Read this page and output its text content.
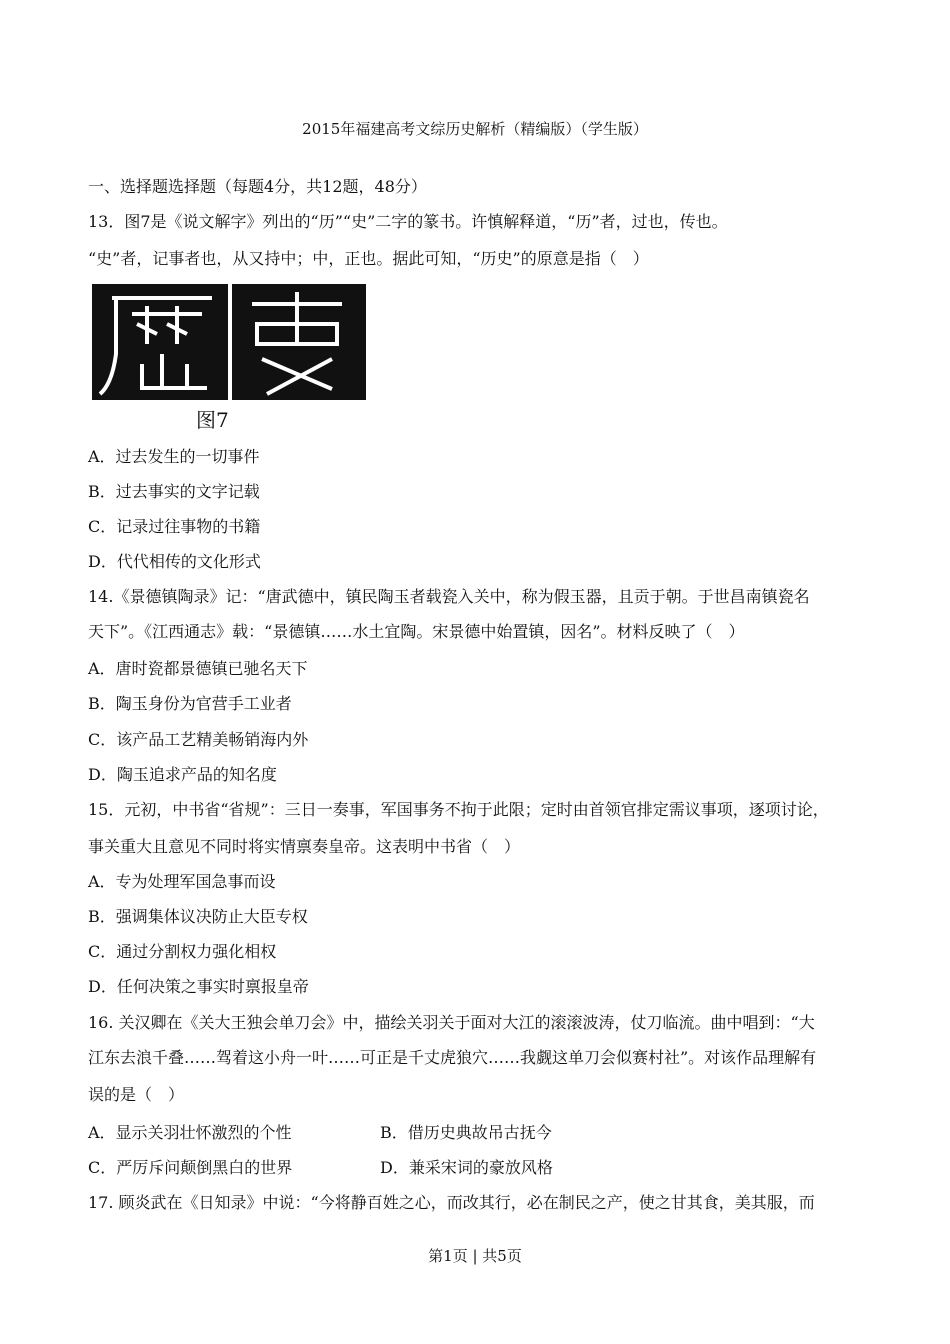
2015年福建高考文综历史解析（精编版）（学生版）
一、选择题选择题（每题4分，共12题，48分）
13．图7是《说文解字》列出的“历”“史”二字的篆书。许慎解释道，“历”者，过也，传也。
“史”者，记事者也，从又持中；中，正也。据此可知，“历史”的原意是指（　）
图7
A．过去发生的一切事件
B．过去事实的文字记载
C．记录过往事物的书籍
D．代代相传的文化形式
14.《景德镇陶录》记：“唐武德中，镇民陶玉者载瓷入关中，称为假玉器，且贡于朝。于世昌南镇瓷名
天下”。《江西通志》载：“景德镇……水土宜陶。宋景德中始置镇，因名”。材料反映了（　）
A．唐时瓷都景德镇已驰名天下
B．陶玉身份为官营手工业者
C．该产品工艺精美畅销海内外
D．陶玉追求产品的知名度
15．元初，中书省“省规”：三日一奏事，军国事务不拘于此限；定时由首领官排定需议事项，逐项讨论，
事关重大且意见不同时将实情禀奏皇帝。这表明中书省（　）
A．专为处理军国急事而设
B．强调集体议决防止大臣专权
C．通过分割权力强化相权
D．任何决策之事实时禀报皇帝
16. 关汉卿在《关大王独会单刀会》中，描绘关羽关于面对大江的滚滚波涛，仗刀临流。曲中唱到：“大
江东去浪千叠……驾着这小舟一叶……可正是千丈虎狼穴……我觑这单刀会似赛村社”。对该作品理解有
误的是（　）
A．显示关羽壮怀激烈的个性	B．借历史典故吊古抚今
C．严厉斥问颠倒黑白的世界	D．兼采宋词的豪放风格
17. 顾炎武在《日知录》中说：“今将静百姓之心，而改其行，必在制民之产，使之甘其食，美其服，而
第1页 | 共5页
